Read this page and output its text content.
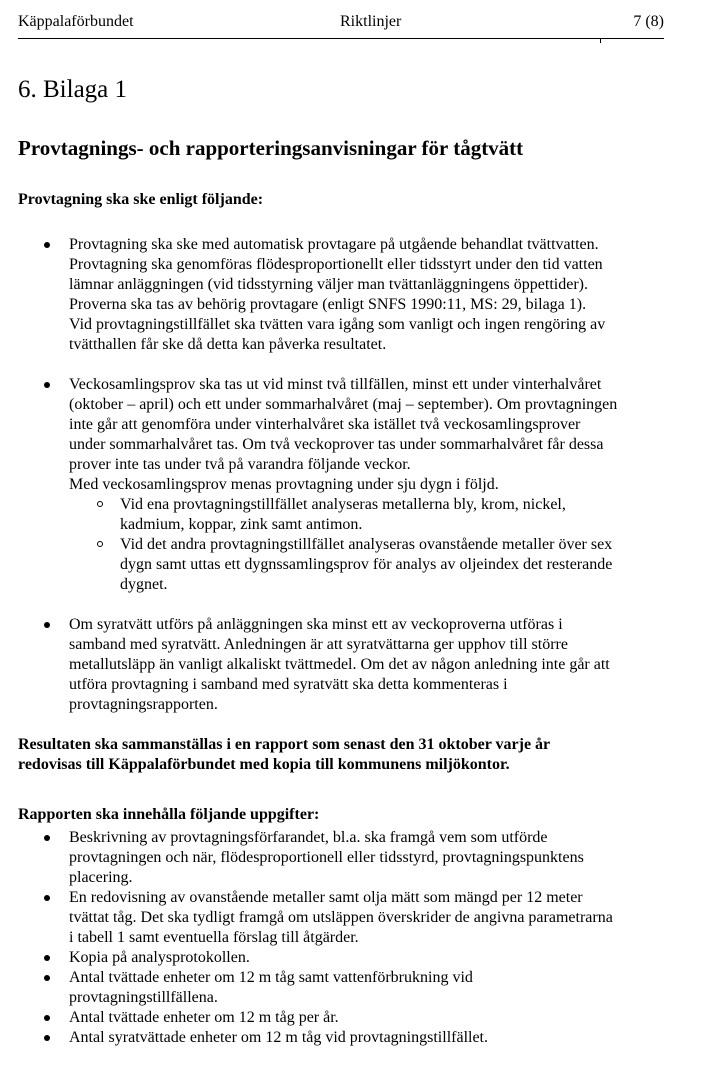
Käppalaförbundet	Riktlinjer	7 (8)
6. Bilaga 1
Provtagnings- och rapporteringsanvisningar för tågtvätt
Provtagning ska ske enligt följande:
Provtagning ska ske med automatisk provtagare på utgående behandlat tvättvatten.
Provtagning ska genomföras flödesproportionellt eller tidsstyrt under den tid vatten
lämnar anläggningen (vid tidsstyrning väljer man tvättanläggningens öppettider).
Proverna ska tas av behörig provtagare (enligt SNFS 1990:11, MS: 29, bilaga 1).
Vid provtagningstillfället ska tvätten vara igång som vanligt och ingen rengöring av
tvätthallen får ske då detta kan påverka resultatet.
Veckosamlingsprov ska tas ut vid minst två tillfällen, minst ett under vinterhalvåret
(oktober – april) och ett under sommarhalvåret (maj – september). Om provtagningen
inte går att genomföra under vinterhalvåret ska istället två veckosamlingsprover
under sommarhalvåret tas. Om två veckoprover tas under sommarhalvåret får dessa
prover inte tas under två på varandra följande veckor.
Med veckosamlingsprov menas provtagning under sju dygn i följd.
Vid ena provtagningstillfället analyseras metallerna bly, krom, nickel,
kadmium, koppar, zink samt antimon.
Vid det andra provtagningstillfället analyseras ovanstående metaller över sex
dygn samt uttas ett dygnssamlingsprov för analys av oljeindex det resterande
dygnet.
Om syratvätt utförs på anläggningen ska minst ett av veckoproverna utföras i
samband med syratvätt. Anledningen är att syratvättarna ger upphov till större
metallutsläpp än vanligt alkaliskt tvättmedel. Om det av någon anledning inte går att
utföra provtagning i samband med syratvätt ska detta kommenteras i
provtagningsrapporten.
Resultaten ska sammanställas i en rapport som senast den 31 oktober varje år
redovisas till Käppalaförbundet med kopia till kommunens miljökontor.
Rapporten ska innehålla följande uppgifter:
Beskrivning av provtagningsförfarandet, bl.a. ska framgå vem som utförde
provtagningen och när, flödesproportionell eller tidsstyrd, provtagningspunktens
placering.
En redovisning av ovanstående metaller samt olja mätt som mängd per 12 meter
tvättat tåg. Det ska tydligt framgå om utsläppen överskrider de angivna parametrarna
i tabell 1 samt eventuella förslag till åtgärder.
Kopia på analysprotokollen.
Antal tvättade enheter om 12 m tåg samt vattenförbrukning vid
provtagningstillfällena.
Antal tvättade enheter om 12 m tåg per år.
Antal syratvättade enheter om 12 m tåg vid provtagningstillfället.
